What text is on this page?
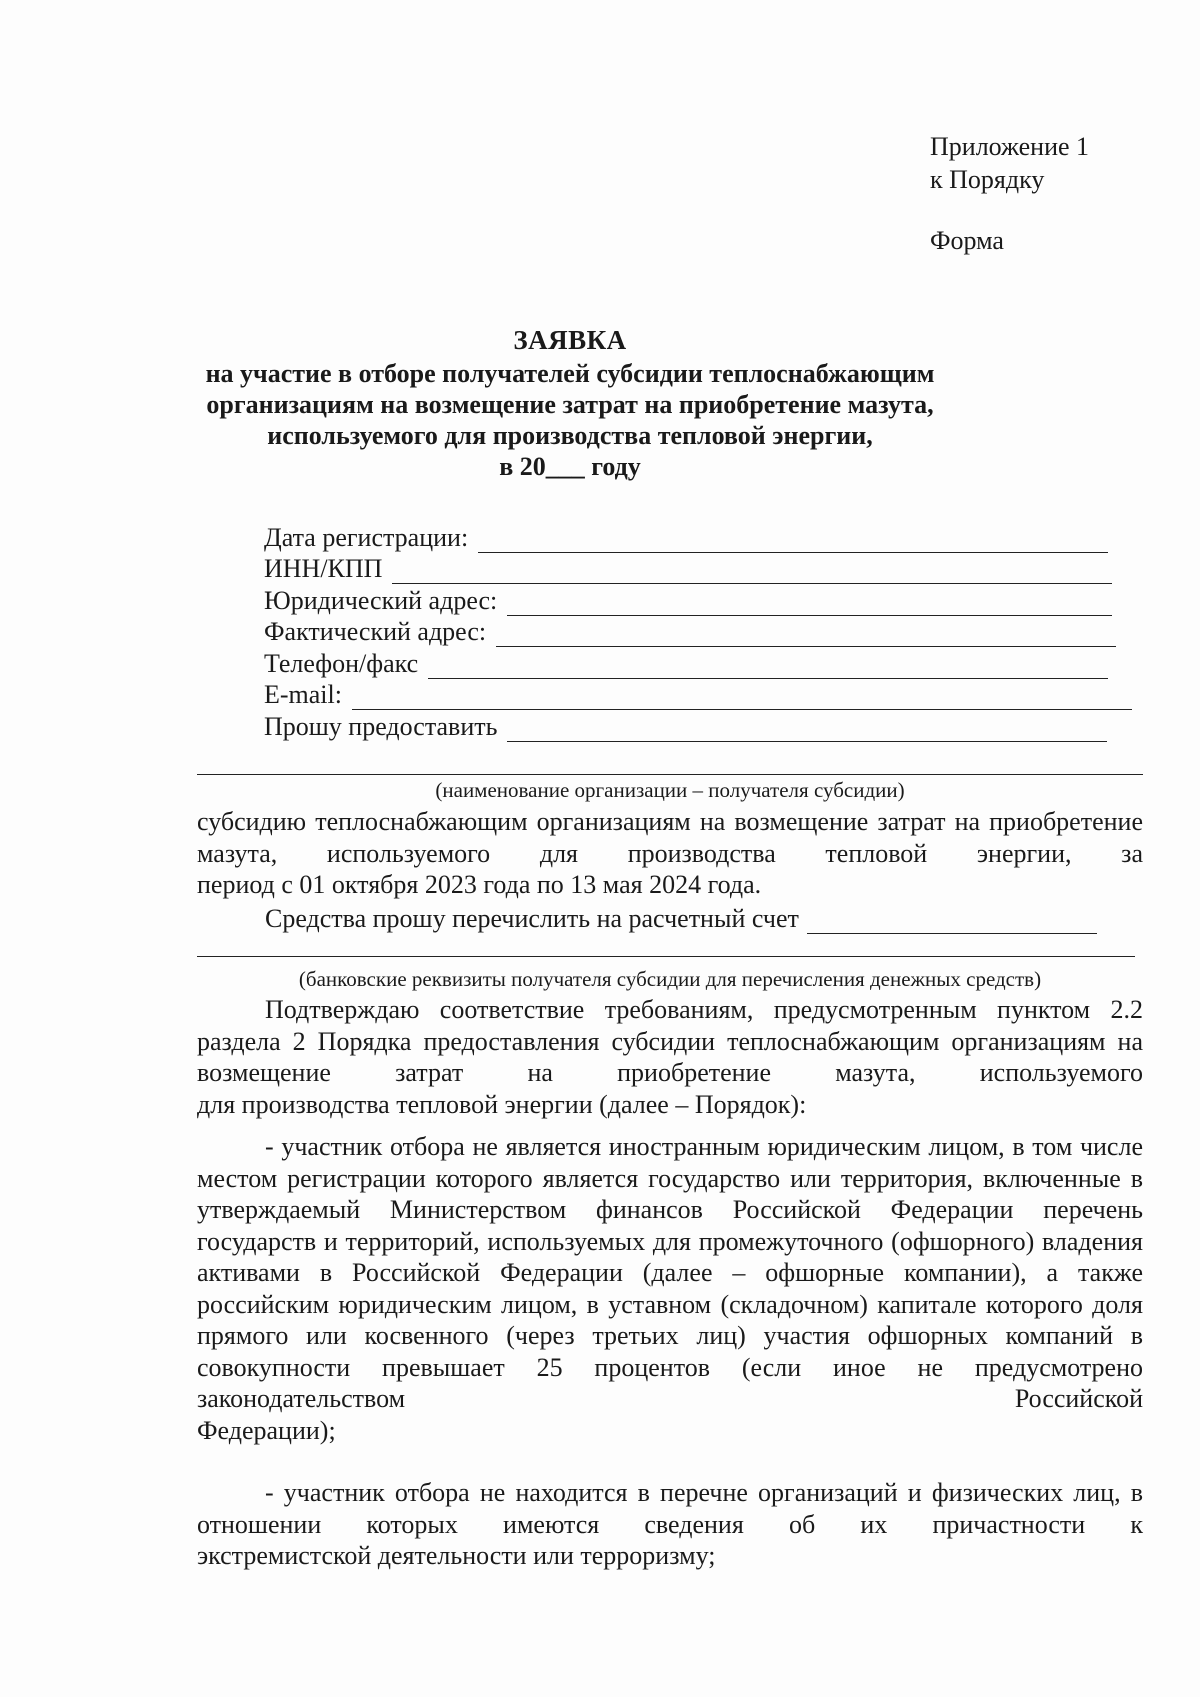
Приложение 1
к Порядку
Форма
ЗАЯВКА
на участие в отборе получателей субсидии теплоснабжающим
организациям на возмещение затрат на приобретение мазута,
используемого для производства тепловой энергии,
в 20___ году
Дата регистрации:
ИНН/КПП
Юридический адрес:
Фактический адрес:
Телефон/факс
E-mail:
Прошу предоставить
(наименование организации – получателя субсидии)
субсидию теплоснабжающим организациям на возмещение затрат на приобретение мазута, используемого для производства тепловой энергии, за
период с 01 октября 2023 года по 13 мая 2024 года.
Средства прошу перечислить на расчетный счет
(банковские реквизиты получателя субсидии для перечисления денежных средств)
Подтверждаю соответствие требованиям, предусмотренным пунктом 2.2 раздела 2 Порядка предоставления субсидии теплоснабжающим организациям на возмещение затрат на приобретение мазута, используемого
для производства тепловой энергии (далее – Порядок):
- участник отбора не является иностранным юридическим лицом, в том числе местом регистрации которого является государство или территория, включенные в утверждаемый Министерством финансов Российской Федерации перечень государств и территорий, используемых для промежуточного (офшорного) владения активами в Российской Федерации (далее – офшорные компании), а также российским юридическим лицом, в уставном (складочном) капитале которого доля прямого или косвенного (через третьих лиц) участия офшорных компаний в совокупности превышает 25 процентов (если иное не предусмотрено законодательством Российской
Федерации);
- участник отбора не находится в перечне организаций и физических лиц, в отношении которых имеются сведения об их причастности к
экстремистской деятельности или терроризму;
